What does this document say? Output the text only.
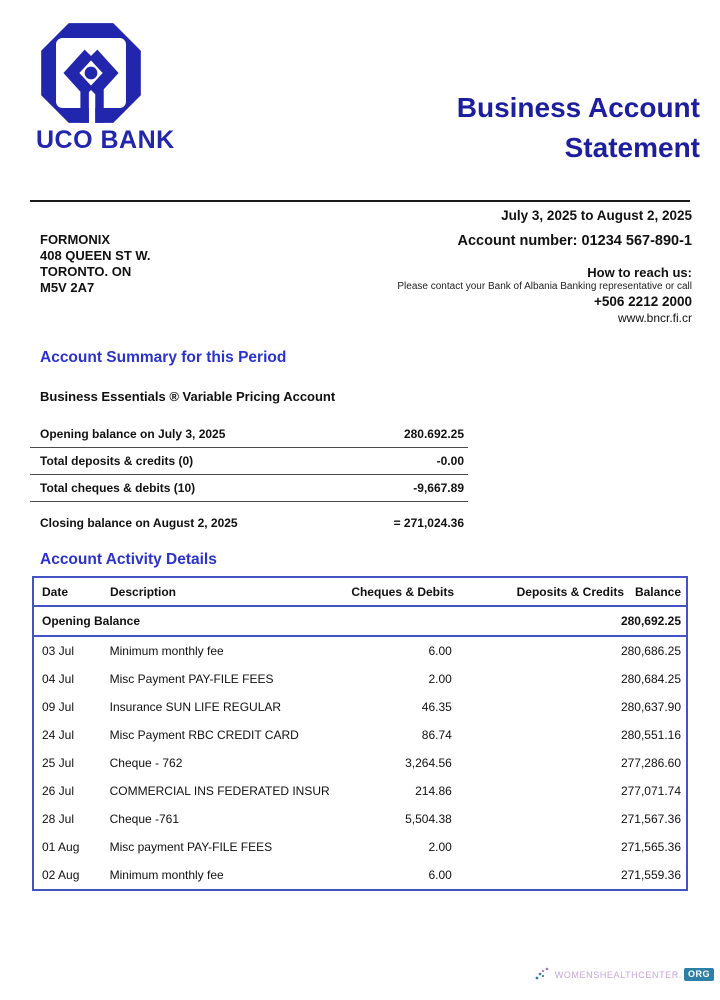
UCO BANK
Business Account
Statement
July 3, 2025 to August 2, 2025
Account number: 01234 567-890-1
How to reach us:
Please contact your Bank of Albania Banking representative or call
+506 2212 2000
www.bncr.fi.cr
FORMONIX
408 QUEEN ST W.
TORONTO. ON
M5V 2A7
Account Summary for this Period
Business Essentials ® Variable Pricing Account
Opening balance on July 3, 2025	280.692.25
Total deposits & credits (0)	-0.00
Total cheques & debits (10)	-9,667.89
Closing balance on August 2, 2025	= 271,024.36
Account Activity Details
Date	Description	Cheques & Debits	Deposits & Credits Balance
Opening Balance	280,692.25
03 Jul	Minimum monthly fee	6.00	280,686.25
04 Jul	Misc Payment PAY-FILE FEES	2.00	280,684.25
09 Jul	Insurance SUN LIFE REGULAR	46.35	280,637.90
24 Jul	Misc Payment RBC CREDIT CARD	86.74	280,551.16
25 Jul	Cheque - 762	3,264.56	277,286.60
26 Jul	COMMERCIAL INS FEDERATED INSUR	214.86	277,071.74
28 Jul	Cheque -761	5,504.38	271,567.36
01 Aug	Misc payment PAY-FILE FEES	2.00	271,565.36
02 Aug	Minimum monthly fee	6.00	271,559.36
WOMENSHEALTHCENTER. ORG
